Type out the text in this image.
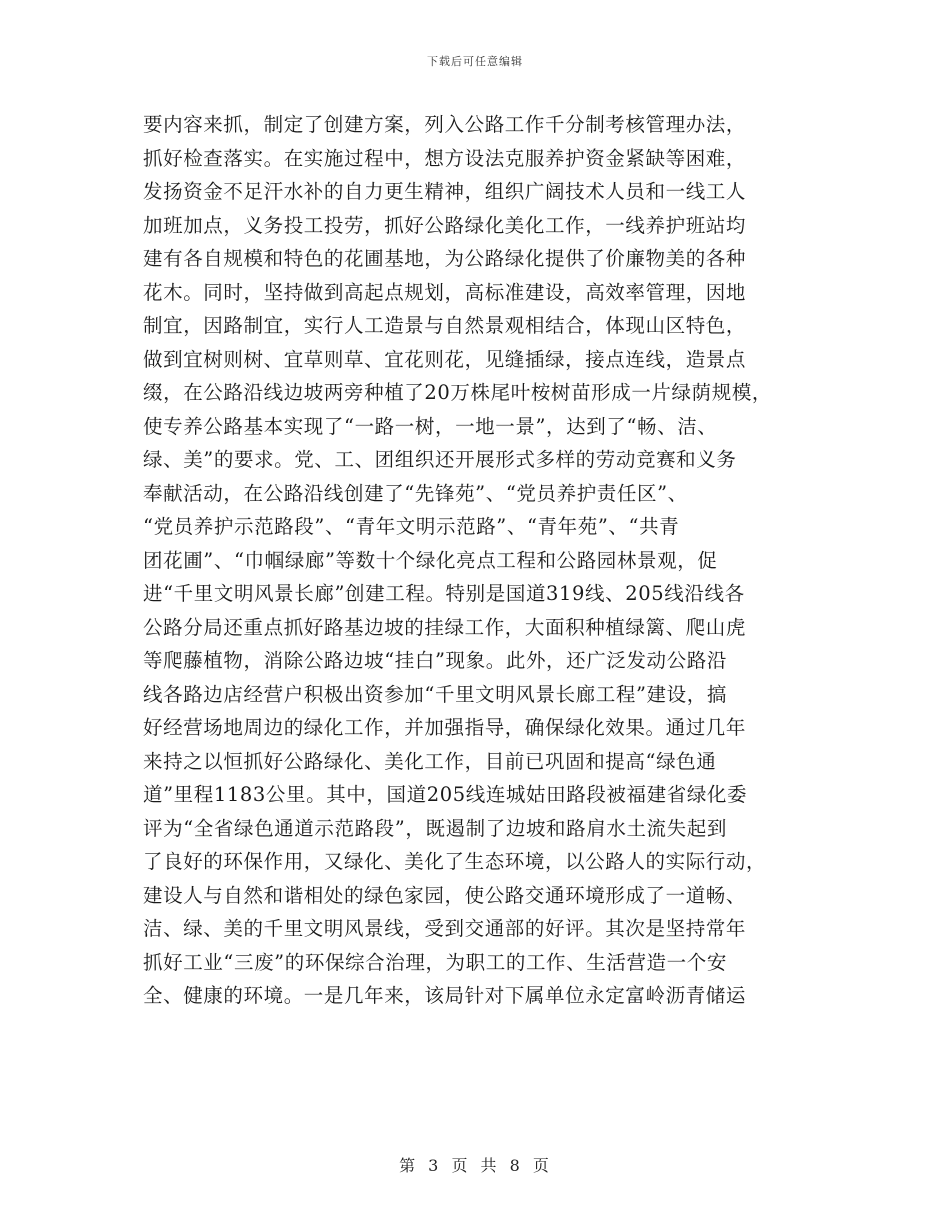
下载后可任意编辑
要内容来抓，制定了创建方案，列入公路工作千分制考核管理办法，
抓好检查落实。在实施过程中，想方设法克服养护资金紧缺等困难，
发扬资金不足汗水补的自力更生精神，组织广阔技术人员和一线工人
加班加点，义务投工投劳，抓好公路绿化美化工作，一线养护班站均
建有各自规模和特色的花圃基地，为公路绿化提供了价廉物美的各种
花木。同时，坚持做到高起点规划，高标准建设，高效率管理，因地
制宜，因路制宜，实行人工造景与自然景观相结合，体现山区特色，
做到宜树则树、宜草则草、宜花则花，见缝插绿，接点连线，造景点
缀，在公路沿线边坡两旁种植了20万株尾叶桉树苗形成一片绿荫规模，
使专养公路基本实现了“一路一树，一地一景”，达到了“畅、洁、
绿、美”的要求。党、工、团组织还开展形式多样的劳动竞赛和义务
奉献活动，在公路沿线创建了“先锋苑”、“党员养护责任区”、
“党员养护示范路段”、“青年文明示范路”、“青年苑”、“共青
团花圃”、“巾帼绿廊”等数十个绿化亮点工程和公路园林景观，促
进“千里文明风景长廊”创建工程。特别是国道319线、205线沿线各
公路分局还重点抓好路基边坡的挂绿工作，大面积种植绿篱、爬山虎
等爬藤植物，消除公路边坡“挂白”现象。此外，还广泛发动公路沿
线各路边店经营户积极出资参加“千里文明风景长廊工程”建设，搞
好经营场地周边的绿化工作，并加强指导，确保绿化效果。通过几年
来持之以恒抓好公路绿化、美化工作，目前已巩固和提高“绿色通
道”里程1183公里。其中，国道205线连城姑田路段被福建省绿化委
评为“全省绿色通道示范路段”，既遏制了边坡和路肩水土流失起到
了良好的环保作用，又绿化、美化了生态环境，以公路人的实际行动，
建设人与自然和谐相处的绿色家园，使公路交通环境形成了一道畅、
洁、绿、美的千里文明风景线，受到交通部的好评。其次是坚持常年
抓好工业“三废”的环保综合治理，为职工的工作、生活营造一个安
全、健康的环境。一是几年来，该局针对下属单位永定富岭沥青储运
第 3 页 共 8 页
